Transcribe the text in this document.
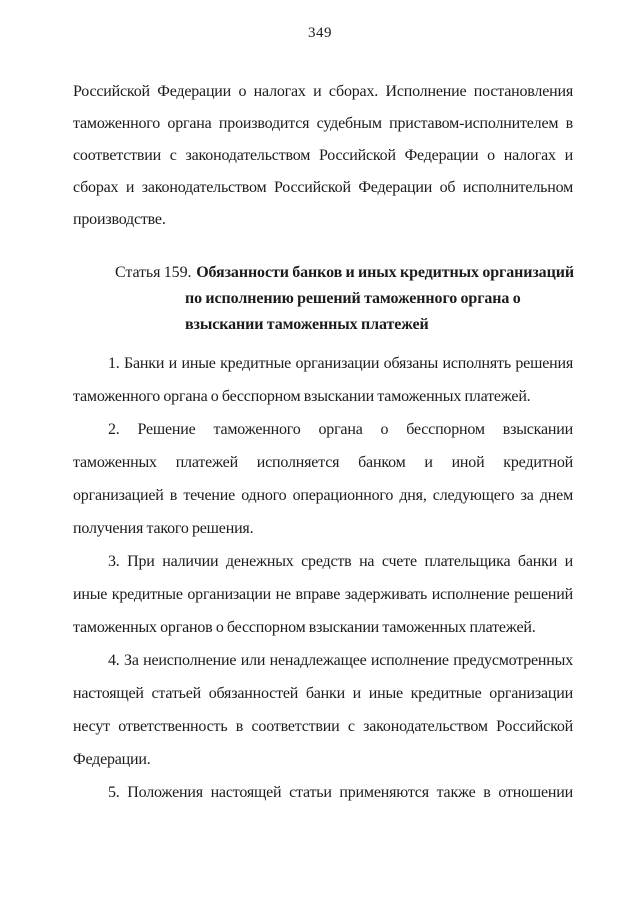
349
Российской Федерации о налогах и сборах. Исполнение постановления
таможенного органа производится судебным приставом-исполнителем в
соответствии с законодательством Российской Федерации о налогах и
сборах и законодательством Российской Федерации об исполнительном
производстве.
Статья 159. Обязанности банков и иных кредитных организаций
по исполнению решений таможенного органа о
взыскании таможенных платежей
1. Банки и иные кредитные организации обязаны исполнять решения
таможенного органа о бесспорном взыскании таможенных платежей.
2. Решение таможенного органа о бесспорном взыскании
таможенных платежей исполняется банком и иной кредитной
организацией в течение одного операционного дня, следующего за днем
получения такого решения.
3. При наличии денежных средств на счете плательщика банки и
иные кредитные организации не вправе задерживать исполнение решений
таможенных органов о бесспорном взыскании таможенных платежей.
4. За неисполнение или ненадлежащее исполнение предусмотренных
настоящей статьей обязанностей банки и иные кредитные организации
несут ответственность в соответствии с законодательством Российской
Федерации.
5. Положения настоящей статьи применяются также в отношении
